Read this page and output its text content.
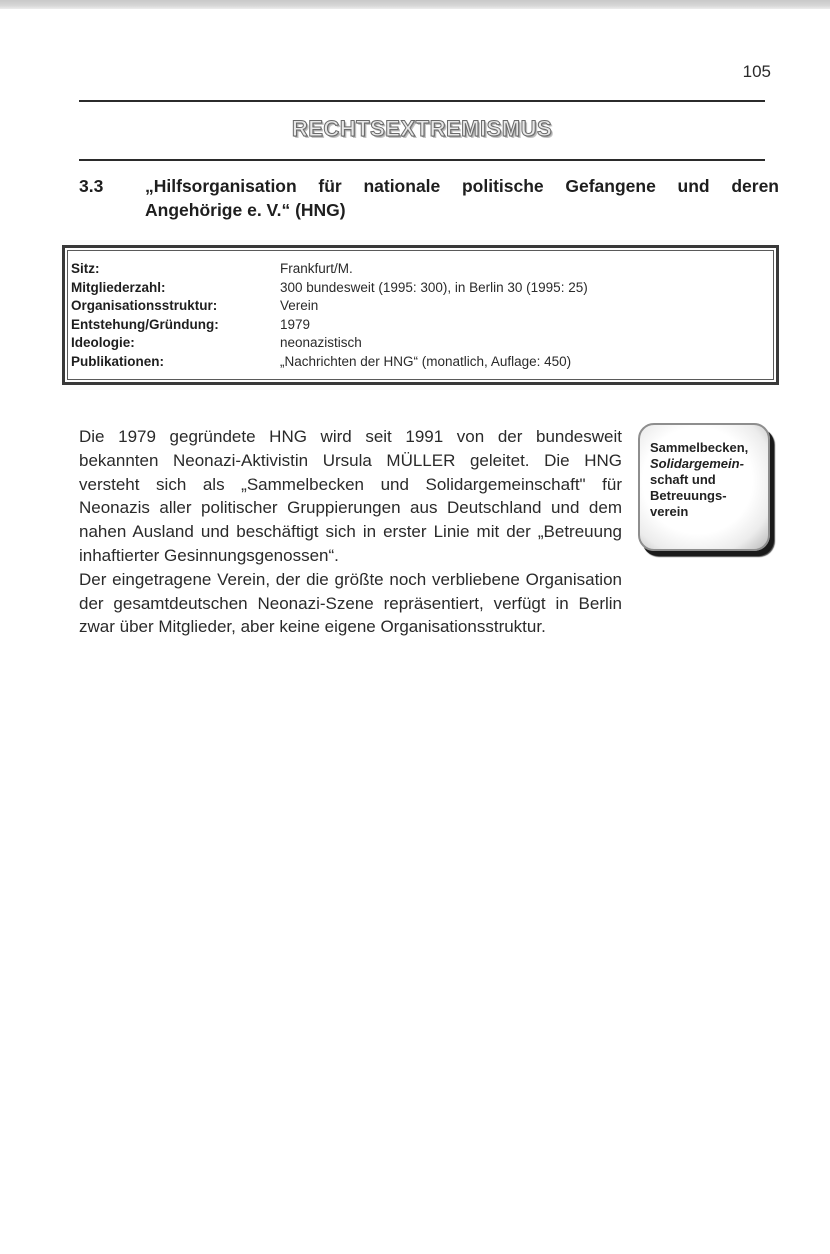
105
RECHTSEXTREMISMUS
3.3 „Hilfsorganisation für nationale politische Gefangene und deren
Angehörige e. V.“ (HNG)
Sitz:	Frankfurt/M.
Mitgliederzahl:	300 bundesweit (1995: 300), in Berlin 30 (1995: 25)
Organisationsstruktur:	Verein
Entstehung/Gründung:	1979
Ideologie:	neonazistisch
Publikationen:	„Nachrichten der HNG“ (monatlich, Auflage: 450)

Die 1979 gegründete HNG wird seit 1991 von der bundesweit bekannten Neonazi-Aktivistin Ursula MÜLLER geleitet. Die HNG versteht sich als „Sammelbecken und Solidargemeinschaft" für Neonazis aller politischer Gruppierungen aus Deutschland und dem nahen Ausland und beschäftigt sich in erster Linie mit der „Betreuung inhaftierter Gesinnungsgenossen“.

Der eingetragene Verein, der die größte noch verbliebene Organisation der gesamtdeutschen Neonazi-Szene repräsentiert, verfügt in Berlin zwar über Mitglieder, aber keine eigene Organisationsstruktur.

Sammelbecken,
Solidargemein-
schaft und
Betreuungs-
verein
